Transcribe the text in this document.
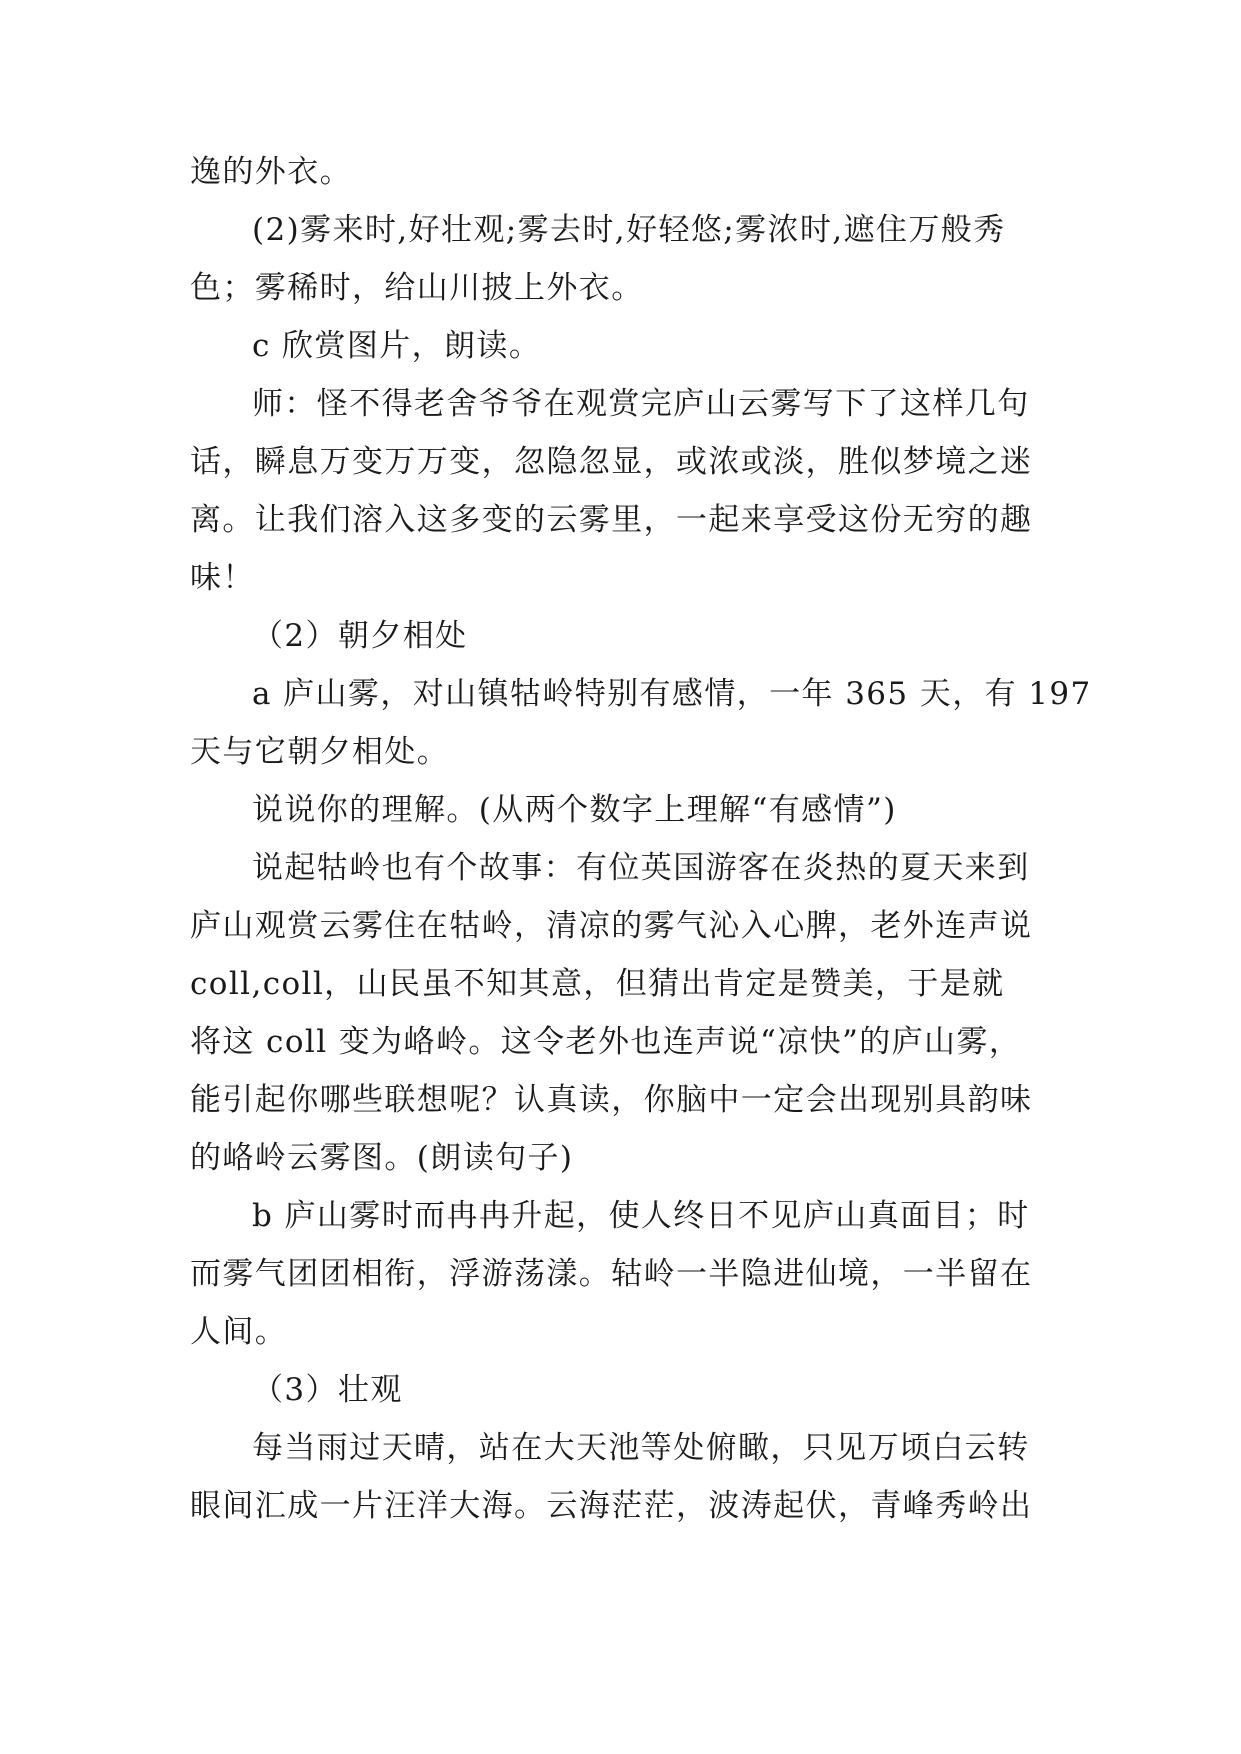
逸的外衣。
(2)雾来时,好壮观;雾去时,好轻悠;雾浓时,遮住万般秀
色；雾稀时，给山川披上外衣。
c 欣赏图片，朗读。
师：怪不得老舍爷爷在观赏完庐山云雾写下了这样几句
话，瞬息万变万万变，忽隐忽显，或浓或淡，胜似梦境之迷
离。让我们溶入这多变的云雾里，一起来享受这份无穷的趣
味！
（2）朝夕相处
a 庐山雾，对山镇牯岭特别有感情，一年 365 天，有 197
天与它朝夕相处。
说说你的理解。(从两个数字上理解“有感情”)
说起牯岭也有个故事：有位英国游客在炎热的夏天来到
庐山观赏云雾住在牯岭，清凉的雾气沁入心脾，老外连声说
coll,coll，山民虽不知其意，但猜出肯定是赞美，于是就
将这 coll 变为峈岭。这令老外也连声说“凉快”的庐山雾，
能引起你哪些联想呢？认真读，你脑中一定会出现别具韵味
的峈岭云雾图。(朗读句子)
b 庐山雾时而冉冉升起，使人终日不见庐山真面目；时
而雾气团团相衔，浮游荡漾。轱岭一半隐进仙境，一半留在
人间。
（3）壮观
每当雨过天晴，站在大天池等处俯瞰，只见万顷白云转
眼间汇成一片汪洋大海。云海茫茫，波涛起伏，青峰秀岭出
